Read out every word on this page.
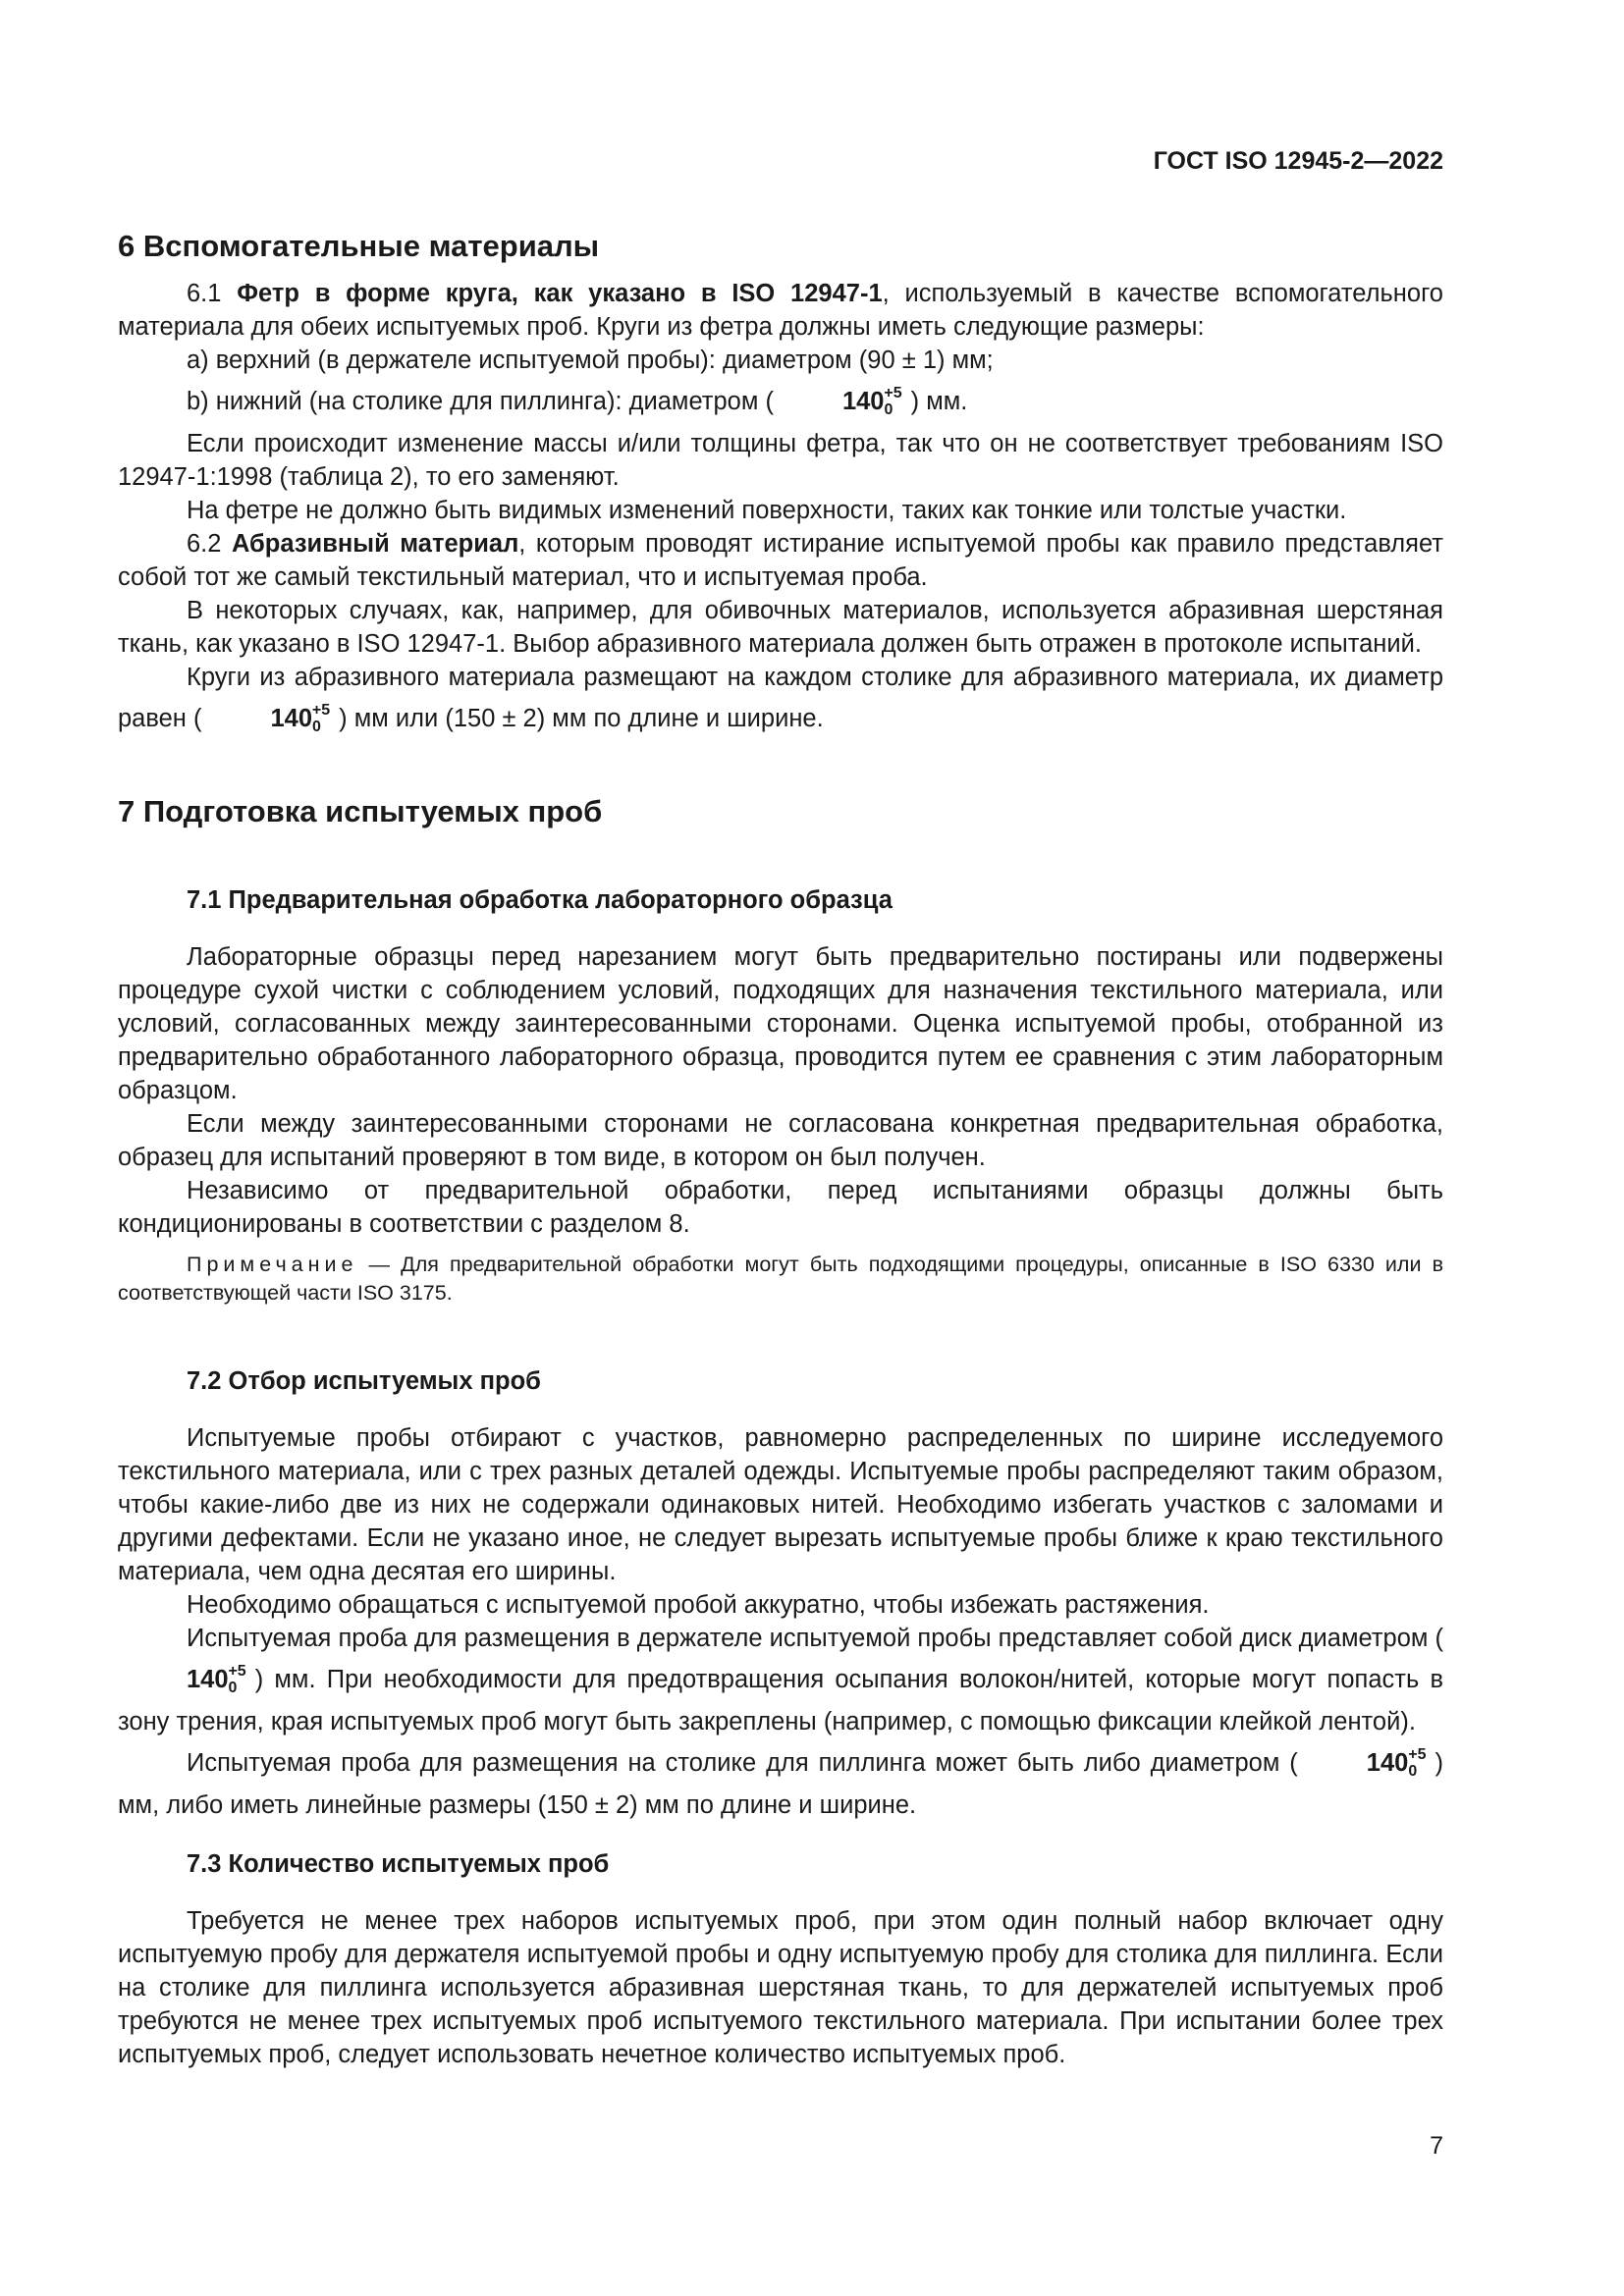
ГОСТ ISO 12945-2—2022
6 Вспомогательные материалы

6.1 Фетр в форме круга, как указано в ISO 12947-1, используемый в качестве вспомогательного материала для обеих испытуемых проб. Круги из фетра должны иметь следующие размеры:

a) верхний (в держателе испытуемой пробы): диаметром (90 ± 1) мм;

b) нижний (на столике для пиллинга): диаметром (	$140_0^{+5}$ ) мм.

Если происходит изменение массы и/или толщины фетра, так что он не соответствует требованиям ISO 12947-1:1998 (таблица 2), то его заменяют.

На фетре не должно быть видимых изменений поверхности, таких как тонкие или толстые участки.

6.2 Абразивный материал, которым проводят истирание испытуемой пробы как правило представляет собой тот же самый текстильный материал, что и испытуемая проба.

В некоторых случаях, как, например, для обивочных материалов, используется абразивная шерстяная ткань, как указано в ISO 12947-1. Выбор абразивного материала должен быть отражен в протоколе испытаний.

Круги из абразивного материала размещают на каждом столике для абразивного материала, их диаметр равен (	$140_0^{+5}$ ) мм или (150 ± 2) мм по длине и ширине.

7 Подготовка испытуемых проб
7.1 Предварительная обработка лабораторного образца

Лабораторные образцы перед нарезанием могут быть предварительно постираны или подвержены процедуре сухой чистки с соблюдением условий, подходящих для назначения текстильного материала, или условий, согласованных между заинтересованными сторонами. Оценка испытуемой пробы, отобранной из предварительно обработанного лабораторного образца, проводится путем ее сравнения с этим лабораторным образцом.

Если между заинтересованными сторонами не согласована конкретная предварительная обработка, образец для испытаний проверяют в том виде, в котором он был получен.

Независимо от предварительной обработки, перед испытаниями образцы должны быть кондиционированы в соответствии с разделом 8.

Примечание — Для предварительной обработки могут быть подходящими процедуры, описанные в ISO 6330 или в соответствующей части ISO 3175.

7.2 Отбор испытуемых проб

Испытуемые пробы отбирают с участков, равномерно распределенных по ширине исследуемого текстильного материала, или с трех разных деталей одежды. Испытуемые пробы распределяют таким образом, чтобы какие-либо две из них не содержали одинаковых нитей. Необходимо избегать участков с заломами и другими дефектами. Если не указано иное, не следует вырезать испытуемые пробы ближе к краю текстильного материала, чем одна десятая его ширины.

Необходимо обращаться с испытуемой пробой аккуратно, чтобы избежать растяжения.

Испытуемая проба для размещения в держателе испытуемой пробы представляет собой диск диаметром ($140_0^{+5}$ ) мм. При необходимости для предотвращения осыпания волокон/нитей, которые могут попасть в зону трения, края испытуемых проб могут быть закреплены (например, с помощью фиксации клейкой лентой).

Испытуемая проба для размещения на столике для пиллинга может быть либо диаметром (	$140_0^{+5}$ ) мм, либо иметь линейные размеры (150 ± 2) мм по длине и ширине.

7.3 Количество испытуемых проб

Требуется не менее трех наборов испытуемых проб, при этом один полный набор включает одну испытуемую пробу для держателя испытуемой пробы и одну испытуемую пробу для столика для пиллинга. Если на столике для пиллинга используется абразивная шерстяная ткань, то для держателей испытуемых проб требуются не менее трех испытуемых проб испытуемого текстильного материала. При испытании более трех испытуемых проб, следует использовать нечетное количество испытуемых проб.

7
